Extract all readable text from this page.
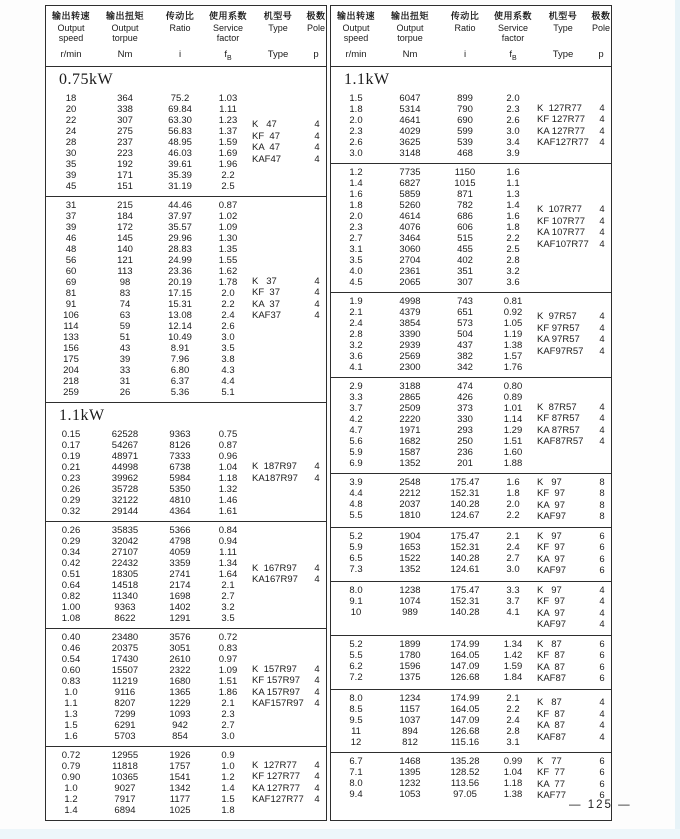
输出转速
Output
speed
输出扭矩
Output
torpue
传动比
Ratio
使用系数
Service
factor
机型号
Type
极数
Pole
r/min	Nm	i	$f_B$	Type	p
0.75kW
18	364	75.2	1.03
20	338	69.84	1.11
22	307	63.30	1.23
24	275	56.83	1.37
28	237	48.95	1.59
30	223	46.03	1.69
35	192	39.61	1.96
39	171	35.39	2.2
45	151	31.19	2.5
K   47	4
KF  47	4
KA  47	4
KAF47	4
31	215	44.46	0.87
37	184	37.97	1.02
39	172	35.57	1.09
46	145	29.96	1.30
48	140	28.83	1.35
56	121	24.99	1.55
60	113	23.36	1.62
69	98	20.19	1.78
81	83	17.15	2.0
91	74	15.31	2.2
106	63	13.08	2.4
114	59	12.14	2.6
133	51	10.49	3.0
156	43	8.91	3.5
175	39	7.96	3.8
204	33	6.80	4.3
218	31	6.37	4.4
259	26	5.36	5.1
K   37	4
KF  37	4
KA  37	4
KAF37	4
1.1kW
0.15	62528	9363	0.75
0.17	54267	8126	0.87
0.19	48971	7333	0.96
0.21	44998	6738	1.04
0.23	39962	5984	1.18
0.26	35728	5350	1.32
0.29	32122	4810	1.46
0.32	29144	4364	1.61
K  187R97	4
KA187R97	4
0.26	35835	5366	0.84
0.29	32042	4798	0.94
0.34	27107	4059	1.11
0.42	22432	3359	1.34
0.51	18305	2741	1.64
0.64	14518	2174	2.1
0.82	11340	1698	2.7
1.00	9363	1402	3.2
1.08	8622	1291	3.5
K  167R97	4
KA167R97	4
0.40	23480	3576	0.72
0.46	20375	3051	0.83
0.54	17430	2610	0.97
0.60	15507	2322	1.09
0.83	11219	1680	1.51
1.0	9116	1365	1.86
1.1	8207	1229	2.1
1.3	7299	1093	2.3
1.5	6291	942	2.7
1.6	5703	854	3.0
K  157R97	4
KF 157R97	4
KA 157R97	4
KAF157R97	4
0.72	12955	1926	0.9
0.79	11818	1757	1.0
0.90	10365	1541	1.2
1.0	9027	1342	1.4
1.2	7917	1177	1.5
1.4	6894	1025	1.8
K  127R77	4
KF 127R77	4
KA 127R77	4
KAF127R77	4
输出转速
Output
speed
输出扭矩
Output
torpue
传动比
Ratio
使用系数
Service
factor
机型号
Type
极数
Pole
r/min	Nm	i	$f_B$	Type	p
1.1kW
1.5	6047	899	2.0
1.8	5314	790	2.3
2.0	4641	690	2.6
2.3	4029	599	3.0
2.6	3625	539	3.4
3.0	3148	468	3.9
K  127R77	4
KF 127R77	4
KA 127R77	4
KAF127R77	4
1.2	7735	1150	1.6
1.4	6827	1015	1.1
1.6	5859	871	1.3
1.8	5260	782	1.4
2.0	4614	686	1.6
2.3	4076	606	1.8
2.7	3464	515	2.2
3.1	3060	455	2.5
3.5	2704	402	2.8
4.0	2361	351	3.2
4.5	2065	307	3.6
K  107R77	4
KF 107R77	4
KA 107R77	4
KAF107R77	4
1.9	4998	743	0.81
2.1	4379	651	0.92
2.4	3854	573	1.05
2.8	3390	504	1.19
3.2	2939	437	1.38
3.6	2569	382	1.57
4.1	2300	342	1.76
K  97R57	4
KF 97R57	4
KA 97R57	4
KAF97R57	4
2.9	3188	474	0.80
3.3	2865	426	0.89
3.7	2509	373	1.01
4.2	2220	330	1.14
4.7	1971	293	1.29
5.6	1682	250	1.51
5.9	1587	236	1.60
6.9	1352	201	1.88
K  87R57	4
KF 87R57	4
KA 87R57	4
KAF87R57	4
3.9	2548	175.47	1.6
4.4	2212	152.31	1.8
4.8	2037	140.28	2.0
5.5	1810	124.67	2.2
K   97	8
KF  97	8
KA  97	8
KAF97	8
5.2	1904	175.47	2.1
5.9	1653	152.31	2.4
6.5	1522	140.28	2.7
7.3	1352	124.61	3.0
K   97	6
KF  97	6
KA  97	6
KAF97	6
8.0	1238	175.47	3.3
9.1	1074	152.31	3.7
10	989	140.28	4.1
K   97	4
KF  97	4
KA  97	4
KAF97	4
5.2	1899	174.99	1.34
5.5	1780	164.05	1.42
6.2	1596	147.09	1.59
7.2	1375	126.68	1.84
K   87	6
KF  87	6
KA  87	6
KAF87	6
8.0	1234	174.99	2.1
8.5	1157	164.05	2.2
9.5	1037	147.09	2.4
11	894	126.68	2.8
12	812	115.16	3.1
K   87	4
KF  87	4
KA  87	4
KAF87	4
6.7	1468	135.28	0.99
7.1	1395	128.52	1.04
8.0	1232	113.56	1.18
9.4	1053	97.05	1.38
K   77	6
KF  77	6
KA  77	6
KAF77	6
— 125 —
